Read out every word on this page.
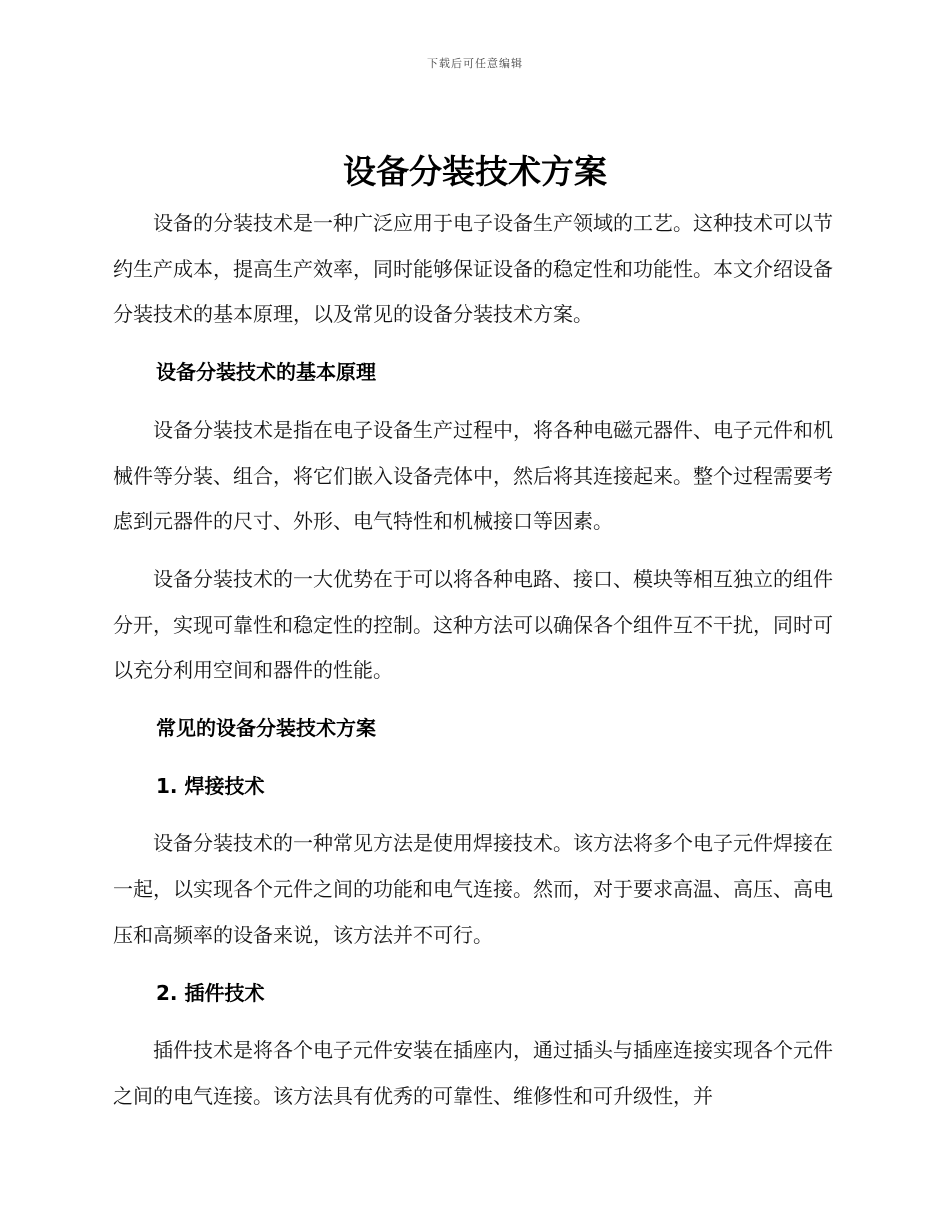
下载后可任意编辑
设备分装技术方案

设备的分装技术是一种广泛应用于电子设备生产领域的工艺。这种技术可以节约生产成本，提高生产效率，同时能够保证设备的稳定性和功能性。本文介绍设备分装技术的基本原理，以及常见的设备分装技术方案。

设备分装技术的基本原理

设备分装技术是指在电子设备生产过程中，将各种电磁元器件、电子元件和机械件等分装、组合，将它们嵌入设备壳体中，然后将其连接起来。整个过程需要考虑到元器件的尺寸、外形、电气特性和机械接口等因素。

设备分装技术的一大优势在于可以将各种电路、接口、模块等相互独立的组件分开，实现可靠性和稳定性的控制。这种方法可以确保各个组件互不干扰，同时可以充分利用空间和器件的性能。

常见的设备分装技术方案
1. 焊接技术

设备分装技术的一种常见方法是使用焊接技术。该方法将多个电子元件焊接在一起，以实现各个元件之间的功能和电气连接。然而，对于要求高温、高压、高电压和高频率的设备来说，该方法并不可行。

2. 插件技术

插件技术是将各个电子元件安装在插座内，通过插头与插座连接实现各个元件之间的电气连接。该方法具有优秀的可靠性、维修性和可升级性，并
